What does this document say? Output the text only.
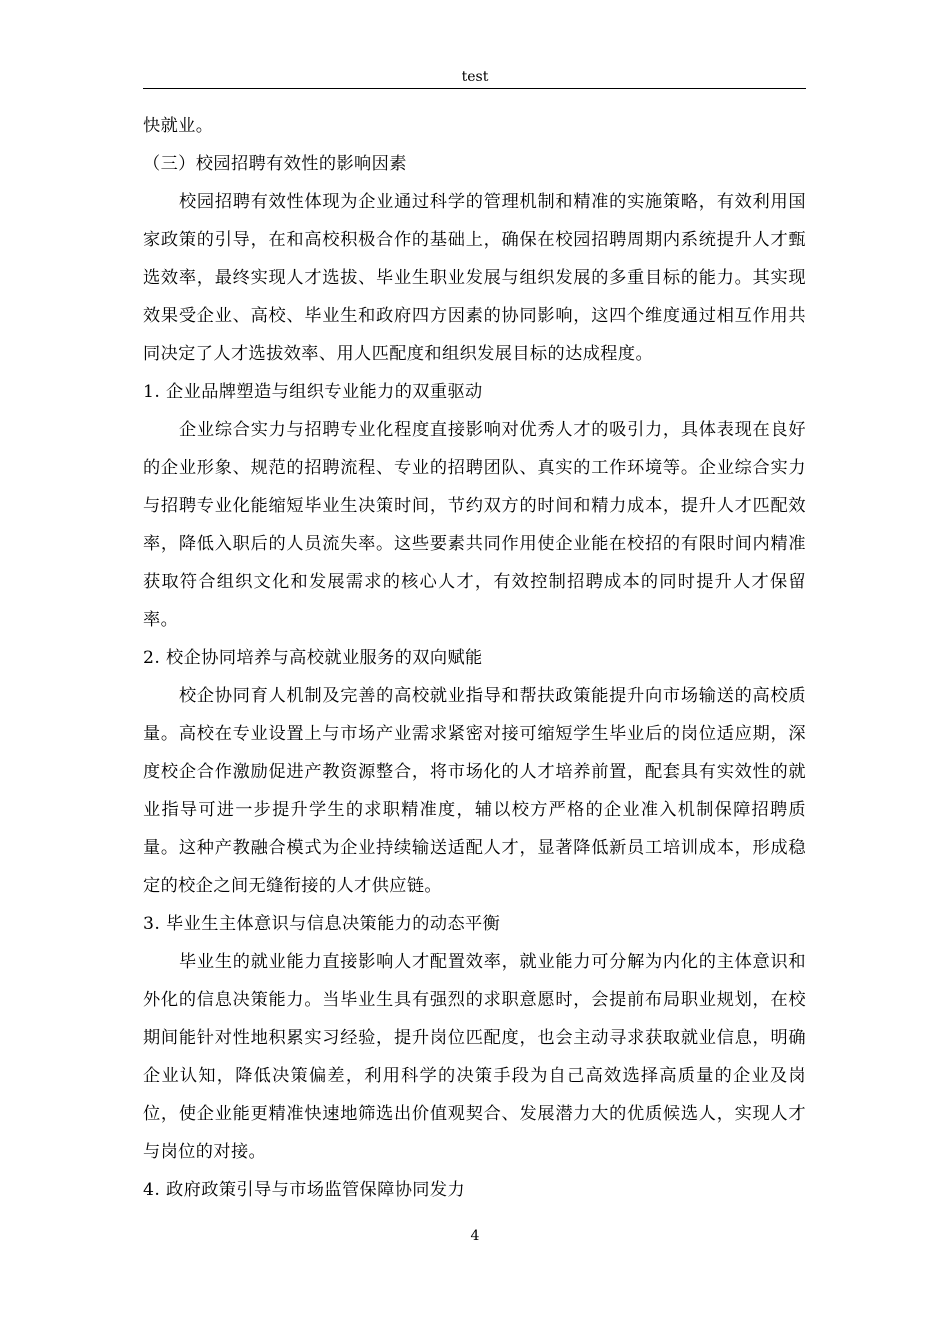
test

快就业。

（三）校园招聘有效性的影响因素

校园招聘有效性体现为企业通过科学的管理机制和精准的实施策略，有效利用国家政策的引导，在和高校积极合作的基础上，确保在校园招聘周期内系统提升人才甄选效率，最终实现人才选拔、毕业生职业发展与组织发展的多重目标的能力。其实现效果受企业、高校、毕业生和政府四方因素的协同影响，这四个维度通过相互作用共同决定了人才选拔效率、用人匹配度和组织发展目标的达成程度。

1. 企业品牌塑造与组织专业能力的双重驱动

企业综合实力与招聘专业化程度直接影响对优秀人才的吸引力，具体表现在良好的企业形象、规范的招聘流程、专业的招聘团队、真实的工作环境等。企业综合实力与招聘专业化能缩短毕业生决策时间，节约双方的时间和精力成本，提升人才匹配效率，降低入职后的人员流失率。这些要素共同作用使企业能在校招的有限时间内精准获取符合组织文化和发展需求的核心人才，有效控制招聘成本的同时提升人才保留率。

2. 校企协同培养与高校就业服务的双向赋能

校企协同育人机制及完善的高校就业指导和帮扶政策能提升向市场输送的高校质量。高校在专业设置上与市场产业需求紧密对接可缩短学生毕业后的岗位适应期，深度校企合作激励促进产教资源整合，将市场化的人才培养前置，配套具有实效性的就业指导可进一步提升学生的求职精准度，辅以校方严格的企业准入机制保障招聘质量。这种产教融合模式为企业持续输送适配人才，显著降低新员工培训成本，形成稳定的校企之间无缝衔接的人才供应链。

3. 毕业生主体意识与信息决策能力的动态平衡

毕业生的就业能力直接影响人才配置效率，就业能力可分解为内化的主体意识和外化的信息决策能力。当毕业生具有强烈的求职意愿时，会提前布局职业规划，在校期间能针对性地积累实习经验，提升岗位匹配度，也会主动寻求获取就业信息，明确企业认知，降低决策偏差，利用科学的决策手段为自己高效选择高质量的企业及岗位，使企业能更精准快速地筛选出价值观契合、发展潜力大的优质候选人，实现人才与岗位的对接。

4. 政府政策引导与市场监管保障协同发力

4
